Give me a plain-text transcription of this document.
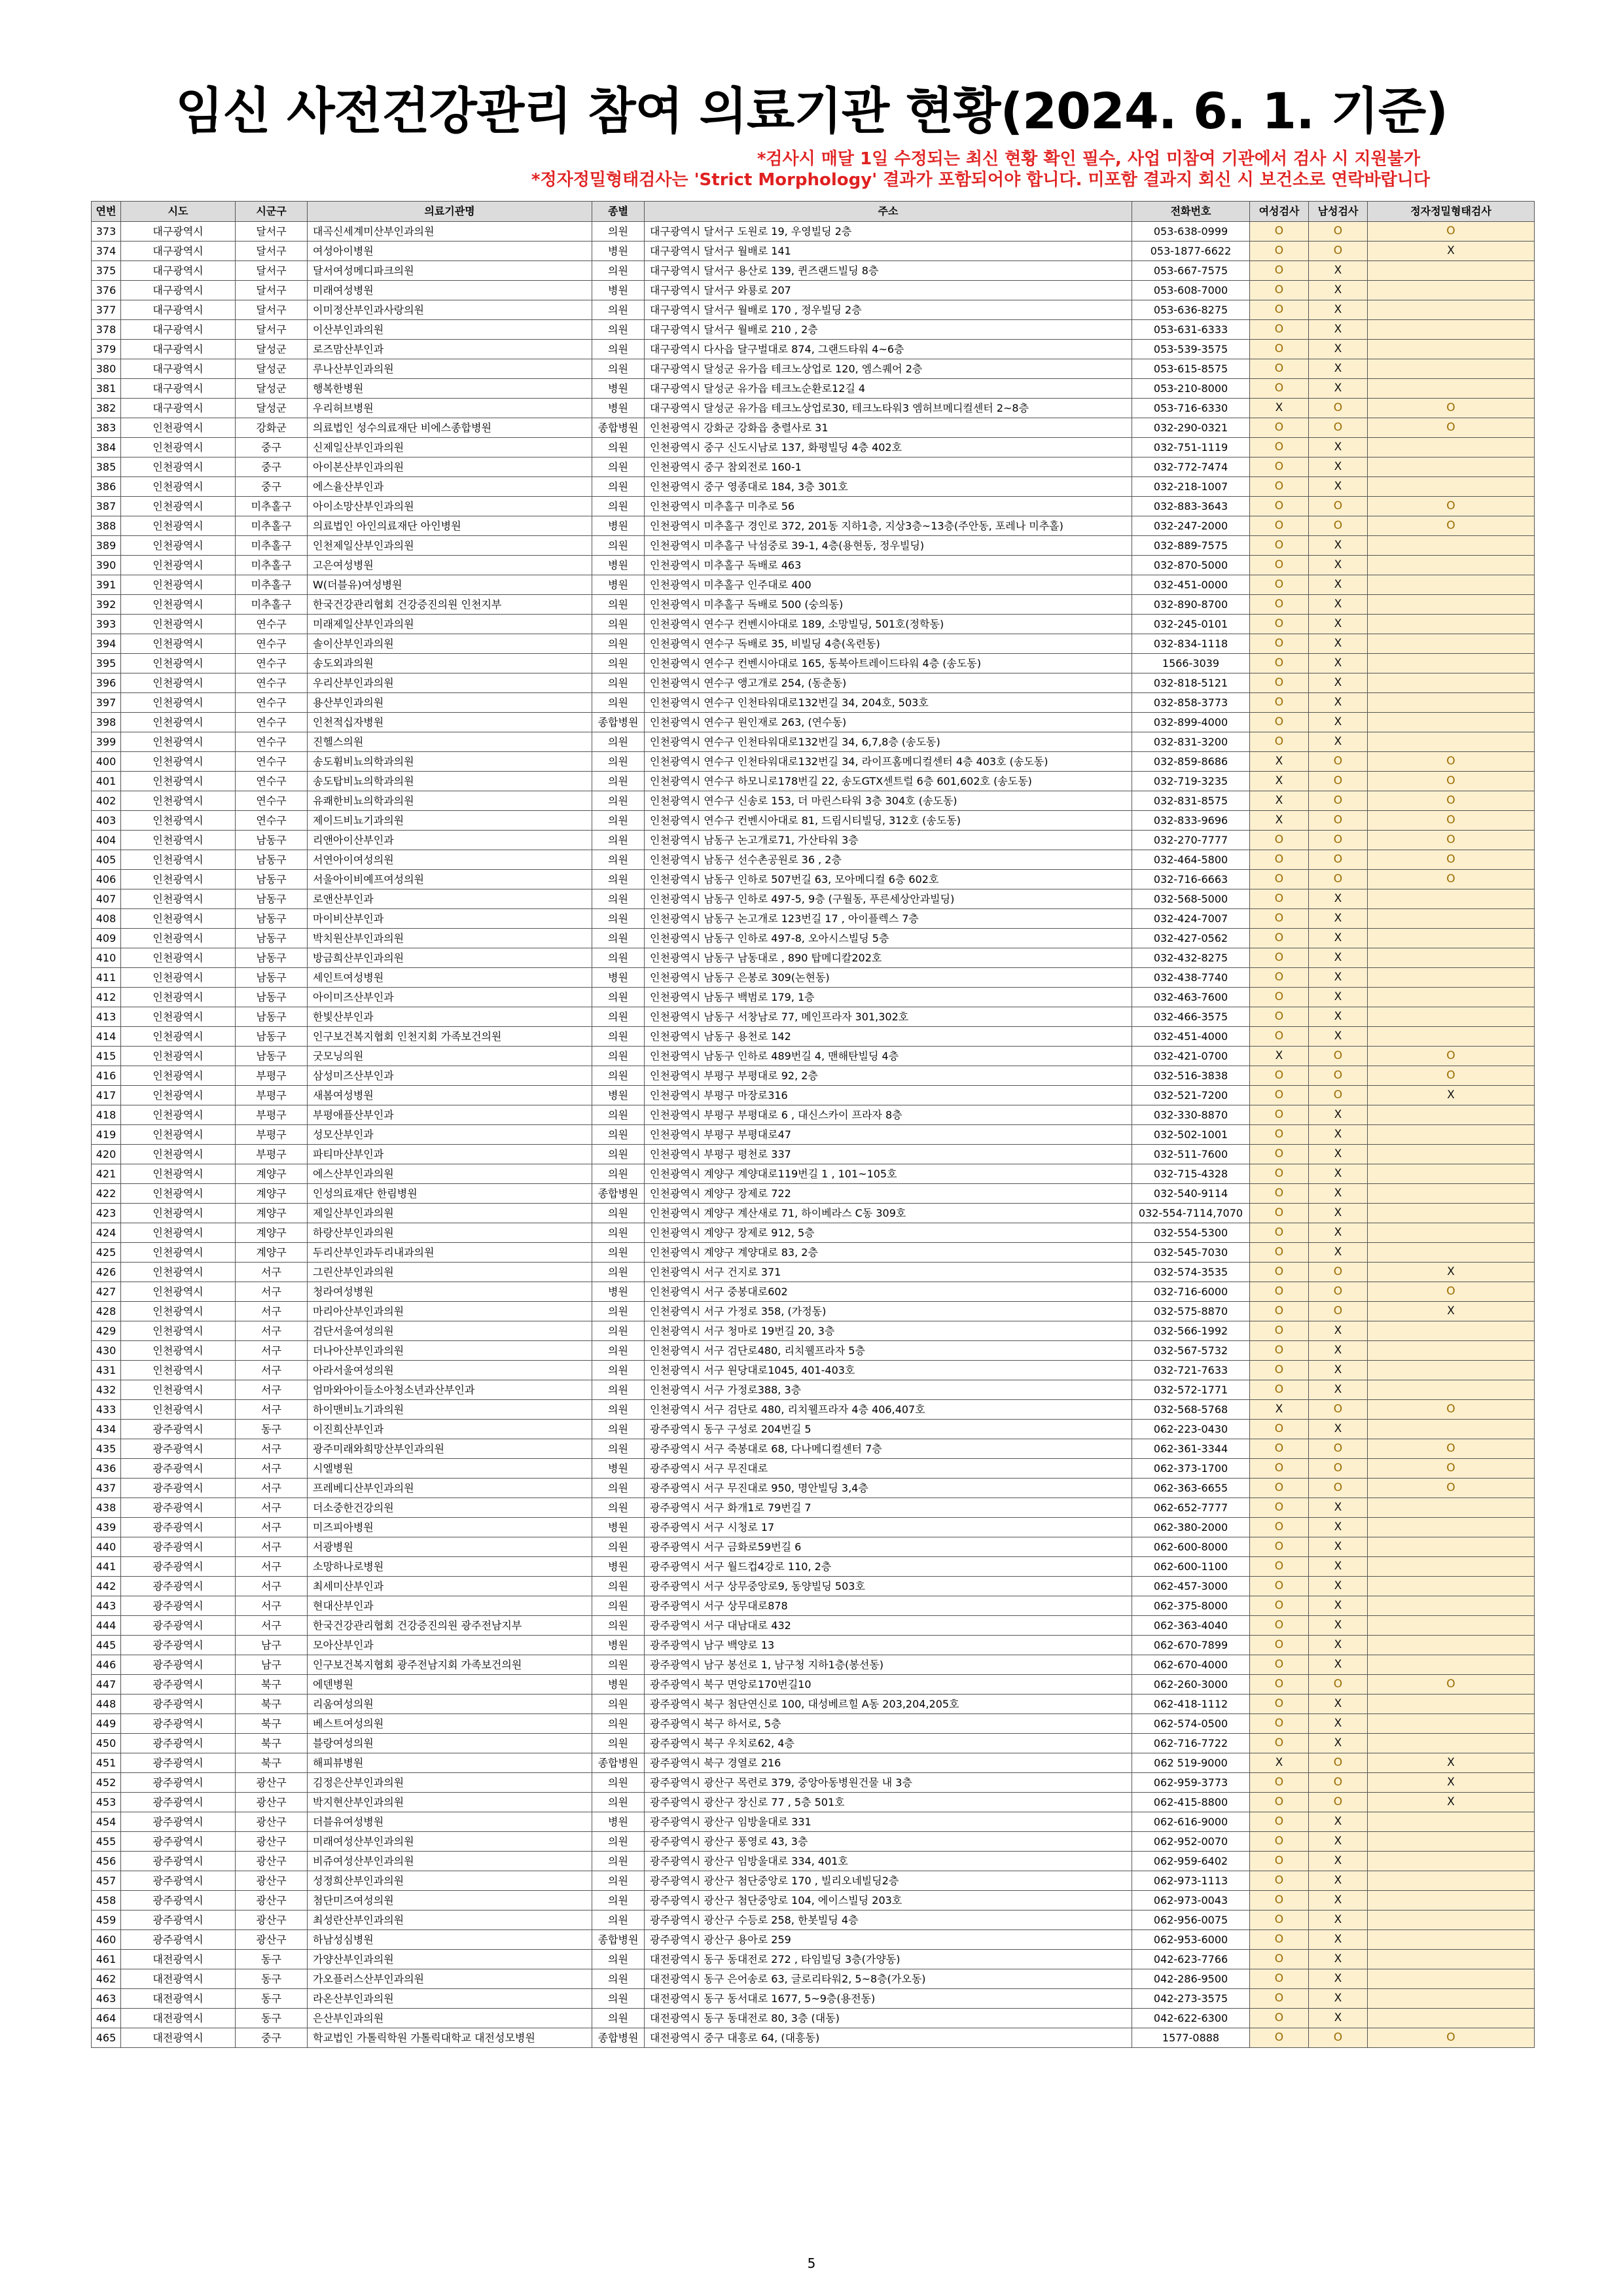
임신 사전건강관리 참여 의료기관 현황(2024. 6. 1. 기준)
*검사시 매달 1일 수정되는 최신 현황 확인 필수, 사업 미참여 기관에서 검사 시 지원불가
*정자정밀형태검사는 'Strict Morphology' 결과가 포함되어야 합니다. 미포함 결과지 회신 시 보건소로 연락바랍니다
연번	시도	시군구	의료기관명	종별	주소	전화번호	여성검사	남성검사	정자정밀형태검사
373	대구광역시	달서구	대곡신세계미산부인과의원	의원	대구광역시 달서구 도원로 19, 우영빌딩 2층	053-638-0999	O	O	O
374	대구광역시	달서구	여성아이병원	병원	대구광역시 달서구 월배로 141	053-1877-6622	O	O	X
375	대구광역시	달서구	달서여성메디파크의원	의원	대구광역시 달서구 용산로 139, 퀸즈랜드빌딩 8층	053-667-7575	O	X	
376	대구광역시	달서구	미래여성병원	병원	대구광역시 달서구 와룡로 207	053-608-7000	O	X	
377	대구광역시	달서구	이미정산부인과사랑의원	의원	대구광역시 달서구 월배로 170 , 정우빌딩 2층	053-636-8275	O	X	
378	대구광역시	달서구	이산부인과의원	의원	대구광역시 달서구 월배로 210 , 2층	053-631-6333	O	X	
379	대구광역시	달성군	로즈맘산부인과	의원	대구광역시 다사읍 달구벌대로 874, 그랜드타워 4~6층	053-539-3575	O	X	
380	대구광역시	달성군	루나산부인과의원	의원	대구광역시 달성군 유가읍 테크노상업로 120, 엠스퀘어 2층	053-615-8575	O	X	
381	대구광역시	달성군	행복한병원	병원	대구광역시 달성군 유가읍 테크노순환로12길 4	053-210-8000	O	X	
382	대구광역시	달성군	우리허브병원	병원	대구광역시 달성군 유가읍 테크노상업로30, 테크노타워3 엠허브메디컬센터 2~8층	053-716-6330	X	O	O
383	인천광역시	강화군	의료법인 성수의료재단 비에스종합병원	종합병원	인천광역시 강화군 강화읍 충렬사로 31	032-290-0321	O	O	O
384	인천광역시	중구	신제일산부인과의원	의원	인천광역시 중구 신도시남로 137, 화평빌딩 4층 402호	032-751-1119	O	X	
385	인천광역시	중구	아이본산부인과의원	의원	인천광역시 중구 참외전로 160-1	032-772-7474	O	X	
386	인천광역시	중구	에스율산부인과	의원	인천광역시 중구 영종대로 184, 3층 301호	032-218-1007	O	X	
387	인천광역시	미추홀구	아이소망산부인과의원	의원	인천광역시 미추홀구 미추로 56	032-883-3643	O	O	O
388	인천광역시	미추홀구	의료법인 아인의료재단 아인병원	병원	인천광역시 미추홀구 경인로 372, 201동 지하1층, 지상3층~13층(주안동, 포레나 미추홀)	032-247-2000	O	O	O
389	인천광역시	미추홀구	인천제일산부인과의원	의원	인천광역시 미추홀구 낙섬중로 39-1, 4층(용현동, 정우빌딩)	032-889-7575	O	X	
390	인천광역시	미추홀구	고은여성병원	병원	인천광역시 미추홀구 독배로 463	032-870-5000	O	X	
391	인천광역시	미추홀구	W(더블유)여성병원	병원	인천광역시 미추홀구 인주대로 400	032-451-0000	O	X	
392	인천광역시	미추홀구	한국건강관리협회 건강증진의원 인천지부	의원	인천광역시 미추홀구 독배로 500 (숭의동)	032-890-8700	O	X	
393	인천광역시	연수구	미래제일산부인과의원	의원	인천광역시 연수구 컨벤시아대로 189, 소망빌딩, 501호(정학동)	032-245-0101	O	X	
394	인천광역시	연수구	솔이산부인과의원	의원	인천광역시 연수구 독배로 35, 비빌딩 4층(옥련동)	032-834-1118	O	X	
395	인천광역시	연수구	송도외과의원	의원	인천광역시 연수구 컨벤시아대로 165, 동북아트레이드타워 4층 (송도동)	1566-3039	O	X	
396	인천광역시	연수구	우리산부인과의원	의원	인천광역시 연수구 앵고개로 254, (동춘동)	032-818-5121	O	X	
397	인천광역시	연수구	용산부인과의원	의원	인천광역시 연수구 인천타워대로132번길 34, 204호, 503호	032-858-3773	O	X	
398	인천광역시	연수구	인천적십자병원	종합병원	인천광역시 연수구 원인재로 263, (연수동)	032-899-4000	O	X	
399	인천광역시	연수구	진헬스의원	의원	인천광역시 연수구 인천타워대로132번길 34, 6,7,8층 (송도동)	032-831-3200	O	X	
400	인천광역시	연수구	송도휨비뇨의학과의원	의원	인천광역시 연수구 인천타워대로132번길 34, 라이프홈메디컬센터 4층 403호 (송도동)	032-859-8686	X	O	O
401	인천광역시	연수구	송도탑비뇨의학과의원	의원	인천광역시 연수구 하모니로178번길 22, 송도GTX센트럴 6층 601,602호 (송도동)	032-719-3235	X	O	O
402	인천광역시	연수구	유쾌한비뇨의학과의원	의원	인천광역시 연수구 신송로 153, 더 마린스타워 3층 304호 (송도동)	032-831-8575	X	O	O
403	인천광역시	연수구	제이드비뇨기과의원	의원	인천광역시 연수구 컨벤시아대로 81, 드림시티빌딩, 312호 (송도동)	032-833-9696	X	O	O
404	인천광역시	남동구	리앤아이산부인과	의원	인천광역시 남동구 논고개로71, 가산타워 3층	032-270-7777	O	O	O
405	인천광역시	남동구	서연아이여성의원	의원	인천광역시 남동구 선수촌공원로 36 , 2층	032-464-5800	O	O	O
406	인천광역시	남동구	서울아이비예프여성의원	의원	인천광역시 남동구 인하로 507번길 63, 모아메디컬 6층 602호	032-716-6663	O	O	O
407	인천광역시	남동구	로앤산부인과	의원	인천광역시 남동구 인하로 497-5, 9층 (구월동, 푸른세상안과빌딩)	032-568-5000	O	X	
408	인천광역시	남동구	마이비산부인과	의원	인천광역시 남동구 논고개로 123번길 17 , 아이플렉스 7층	032-424-7007	O	X	
409	인천광역시	남동구	박치원산부인과의원	의원	인천광역시 남동구 인하로 497-8, 오아시스빌딩 5층	032-427-0562	O	X	
410	인천광역시	남동구	방금희산부인과의원	의원	인천광역시 남동구 남동대로 , 890 탑메디칼202호	032-432-8275	O	X	
411	인천광역시	남동구	세인트여성병원	병원	인천광역시 남동구 은봉로 309(논현동)	032-438-7740	O	X	
412	인천광역시	남동구	아이미즈산부인과	의원	인천광역시 남동구 백범로 179, 1층	032-463-7600	O	X	
413	인천광역시	남동구	한빛산부인과	의원	인천광역시 남동구 서창남로 77, 메인프라자 301,302호	032-466-3575	O	X	
414	인천광역시	남동구	인구보건복지협회 인천지회 가족보건의원	의원	인천광역시 남동구 용천로 142	032-451-4000	O	X	
415	인천광역시	남동구	굿모닝의원	의원	인천광역시 남동구 인하로 489번길 4, 맨해탄빌딩 4층	032-421-0700	X	O	O
416	인천광역시	부평구	삼성미즈산부인과	의원	인천광역시 부평구 부평대로 92, 2층	032-516-3838	O	O	O
417	인천광역시	부평구	새봄여성병원	병원	인천광역시 부평구 마장로316	032-521-7200	O	O	X
418	인천광역시	부평구	부평애플산부인과	의원	인천광역시 부평구 부평대로 6 , 대신스카이 프라자 8층	032-330-8870	O	X	
419	인천광역시	부평구	성모산부인과	의원	인천광역시 부평구 부평대로47	032-502-1001	O	X	
420	인천광역시	부평구	파티마산부인과	의원	인천광역시 부평구 평천로 337	032-511-7600	O	X	
421	인천광역시	계양구	에스산부인과의원	의원	인천광역시 계양구 계양대로119번길 1 , 101~105호	032-715-4328	O	X	
422	인천광역시	계양구	인성의료재단 한림병원	종합병원	인천광역시 계양구 장제로 722	032-540-9114	O	X	
423	인천광역시	계양구	제일산부인과의원	의원	인천광역시 계양구 계산새로 71, 하이베라스 C동 309호	032-554-7114,7070	O	X	
424	인천광역시	계양구	하랑산부인과의원	의원	인천광역시 계양구 장제로 912, 5층	032-554-5300	O	X	
425	인천광역시	계양구	두리산부인과두리내과의원	의원	인천광역시 계양구 계양대로 83, 2층	032-545-7030	O	X	
426	인천광역시	서구	그린산부인과의원	의원	인천광역시 서구 건지로 371	032-574-3535	O	O	X
427	인천광역시	서구	청라여성병원	병원	인천광역시 서구 중봉대로602	032-716-6000	O	O	O
428	인천광역시	서구	마리아산부인과의원	의원	인천광역시 서구 가정로 358, (가정동)	032-575-8870	O	O	X
429	인천광역시	서구	검단서울여성의원	의원	인천광역시 서구 청마로 19번길 20, 3층	032-566-1992	O	X	
430	인천광역시	서구	더나아산부인과의원	의원	인천광역시 서구 검단로480, 리치웰프라자 5층	032-567-5732	O	X	
431	인천광역시	서구	아라서울여성의원	의원	인천광역시 서구 원당대로1045, 401-403호	032-721-7633	O	X	
432	인천광역시	서구	엄마와아이들소아청소년과산부인과	의원	인천광역시 서구 가정로388, 3층	032-572-1771	O	X	
433	인천광역시	서구	하이맨비뇨기과의원	의원	인천광역시 서구 검단로 480, 리치웰프라자 4층 406,407호	032-568-5768	X	O	O
434	광주광역시	동구	이진희산부인과	의원	광주광역시 동구 구성로 204번길 5	062-223-0430	O	X	
435	광주광역시	서구	광주미래와희망산부인과의원	의원	광주광역시 서구 죽봉대로 68, 다나메디컬센터 7층	062-361-3344	O	O	O
436	광주광역시	서구	시엘병원	병원	광주광역시 서구 무진대로	062-373-1700	O	O	O
437	광주광역시	서구	프레베디산부인과의원	의원	광주광역시 서구 무진대로 950, 명안빌딩 3,4층	062-363-6655	O	O	O
438	광주광역시	서구	더소중한건강의원	의원	광주광역시 서구 화개1로 79번길 7	062-652-7777	O	X	
439	광주광역시	서구	미즈피아병원	병원	광주광역시 서구 시청로 17	062-380-2000	O	X	
440	광주광역시	서구	서광병원	의원	광주광역시 서구 금화로59번길 6	062-600-8000	O	X	
441	광주광역시	서구	소망하나로병원	병원	광주광역시 서구 월드컵4강로 110, 2층	062-600-1100	O	X	
442	광주광역시	서구	최세미산부인과	의원	광주광역시 서구 상무중앙로9, 동양빌딩 503호	062-457-3000	O	X	
443	광주광역시	서구	현대산부인과	의원	광주광역시 서구 상무대로878	062-375-8000	O	X	
444	광주광역시	서구	한국건강관리협회 건강증진의원 광주전남지부	의원	광주광역시 서구 대남대로 432	062-363-4040	O	X	
445	광주광역시	남구	모아산부인과	병원	광주광역시 남구 백양로 13	062-670-7899	O	X	
446	광주광역시	남구	인구보건복지협회 광주전남지회 가족보건의원	의원	광주광역시 남구 봉선로 1, 남구청 지하1층(봉선동)	062-670-4000	O	X	
447	광주광역시	북구	에덴병원	병원	광주광역시 북구 면앙로170번길10	062-260-3000	O	O	O
448	광주광역시	북구	리움여성의원	의원	광주광역시 북구 첨단연신로 100, 대성베르힐 A동 203,204,205호	062-418-1112	O	X	
449	광주광역시	북구	베스트여성의원	의원	광주광역시 북구 하서로, 5층	062-574-0500	O	X	
450	광주광역시	북구	블랑여성의원	의원	광주광역시 북구 우치로62, 4층	062-716-7722	O	X	
451	광주광역시	북구	해피뷰병원	종합병원	광주광역시 북구 경열로 216	062 519-9000	X	O	X
452	광주광역시	광산구	김정은산부인과의원	의원	광주광역시 광산구 목련로 379, 중앙아동병원건물 내 3층	062-959-3773	O	O	X
453	광주광역시	광산구	박지현산부인과의원	의원	광주광역시 광산구 장신로 77 , 5층 501호	062-415-8800	O	O	X
454	광주광역시	광산구	더블유여성병원	병원	광주광역시 광산구 임방울대로 331	062-616-9000	O	X	
455	광주광역시	광산구	미래여성산부인과의원	의원	광주광역시 광산구 풍영로 43, 3층	062-952-0070	O	X	
456	광주광역시	광산구	비쥬여성산부인과의원	의원	광주광역시 광산구 임방울대로 334, 401호	062-959-6402	O	X	
457	광주광역시	광산구	성정희산부인과의원	의원	광주광역시 광산구 첨단중앙로 170 , 빌리오네빌딩2층	062-973-1113	O	X	
458	광주광역시	광산구	첨단미즈여성의원	의원	광주광역시 광산구 첨단중앙로 104, 에이스빌딩 203호	062-973-0043	O	X	
459	광주광역시	광산구	최성란산부인과의원	의원	광주광역시 광산구 수등로 258, 한봇빌딩 4층	062-956-0075	O	X	
460	광주광역시	광산구	하남성심병원	종합병원	광주광역시 광산구 용아로 259	062-953-6000	O	X	
461	대전광역시	동구	가양산부인과의원	의원	대전광역시 동구 동대전로 272 , 타임빌딩 3층(가양동)	042-623-7766	O	X	
462	대전광역시	동구	가오플러스산부인과의원	의원	대전광역시 동구 은어송로 63, 글로리타워2, 5~8층(가오동)	042-286-9500	O	X	
463	대전광역시	동구	라온산부인과의원	의원	대전광역시 동구 동서대로 1677, 5~9층(용전동)	042-273-3575	O	X	
464	대전광역시	동구	은산부인과의원	의원	대전광역시 동구 동대전로 80, 3층 (대동)	042-622-6300	O	X	
465	대전광역시	중구	학교법인 가톨릭학원 가톨릭대학교 대전성모병원	종합병원	대전광역시 중구 대흥로 64, (대흥동)	1577-0888	O	O	O
5
